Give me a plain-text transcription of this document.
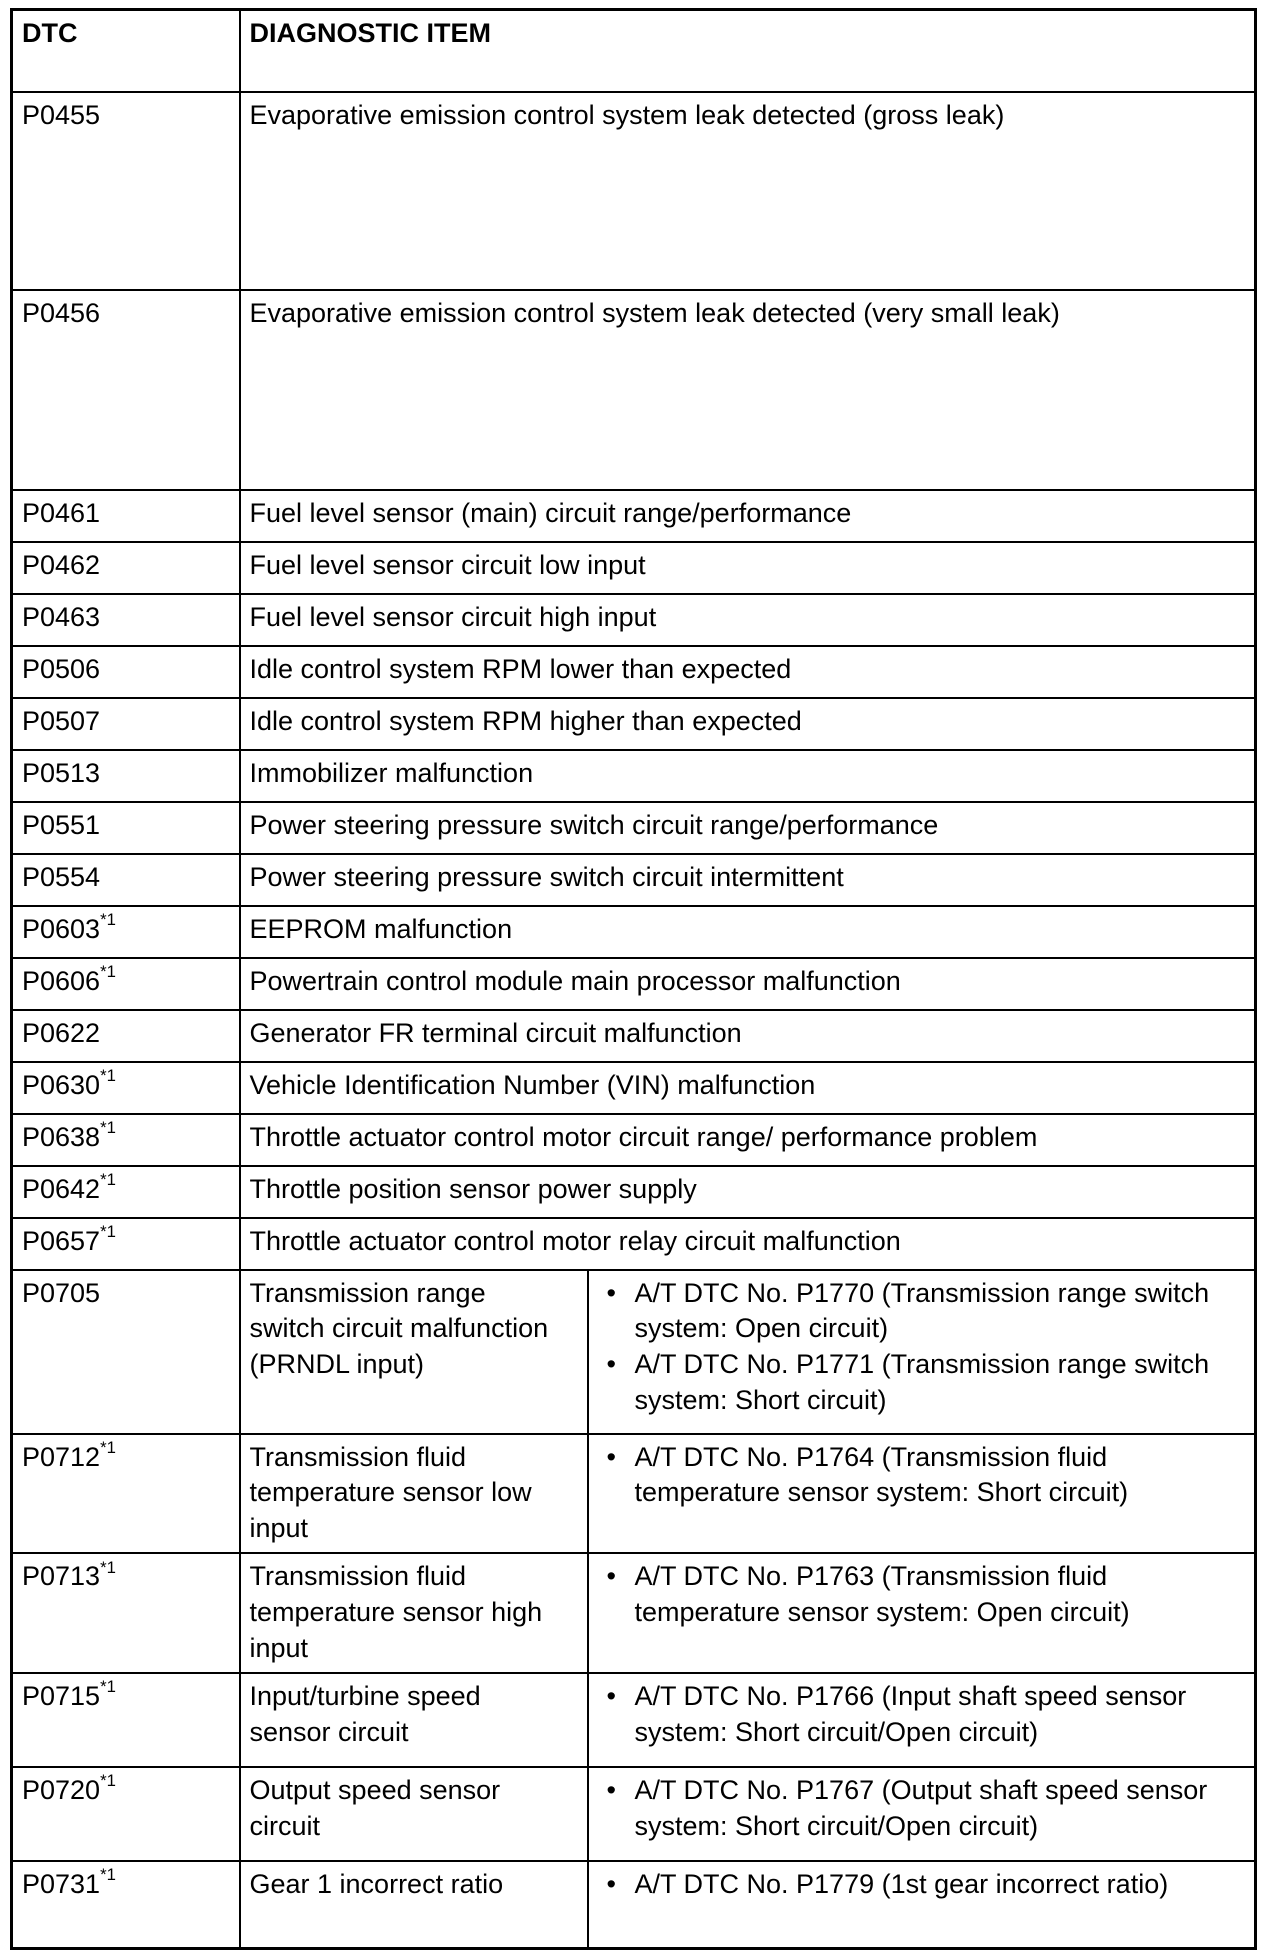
DTC	DIAGNOSTIC ITEM	
P0455	Evaporative emission control system leak detected (gross leak)	
P0456	Evaporative emission control system leak detected (very small leak)	
P0461	Fuel level sensor (main) circuit range/performance	
P0462	Fuel level sensor circuit low input	
P0463	Fuel level sensor circuit high input	
P0506	Idle control system RPM lower than expected	
P0507	Idle control system RPM higher than expected	
P0513	Immobilizer malfunction	
P0551	Power steering pressure switch circuit range/performance	
P0554	Power steering pressure switch circuit intermittent	
P0603$^{*1}$	EEPROM malfunction	
P0606$^{*1}$	Powertrain control module main processor malfunction	
P0622	Generator FR terminal circuit malfunction	
P0630$^{*1}$	Vehicle Identification Number (VIN) malfunction	
P0638$^{*1}$	Throttle actuator control motor circuit range/ performance problem	
P0642$^{*1}$	Throttle position sensor power supply	
P0657$^{*1}$	Throttle actuator control motor relay circuit malfunction	
P0705	Transmission range switch circuit malfunction (PRNDL input)	• A/T DTC No. P1770 (Transmission range switch system: Open circuit)
• A/T DTC No. P1771 (Transmission range switch system: Short circuit)

P0712$^{*1}$	Transmission fluid temperature sensor low input	• A/T DTC No. P1764 (Transmission fluid temperature sensor system: Short circuit)

P0713$^{*1}$	Transmission fluid temperature sensor high input	• A/T DTC No. P1763 (Transmission fluid temperature sensor system: Open circuit)

P0715$^{*1}$	Input/turbine speed sensor circuit	• A/T DTC No. P1766 (Input shaft speed sensor system: Short circuit/Open circuit)

P0720$^{*1}$	Output speed sensor circuit	• A/T DTC No. P1767 (Output shaft speed sensor system: Short circuit/Open circuit)

P0731$^{*1}$	Gear 1 incorrect ratio	• A/T DTC No. P1779 (1st gear incorrect ratio)
